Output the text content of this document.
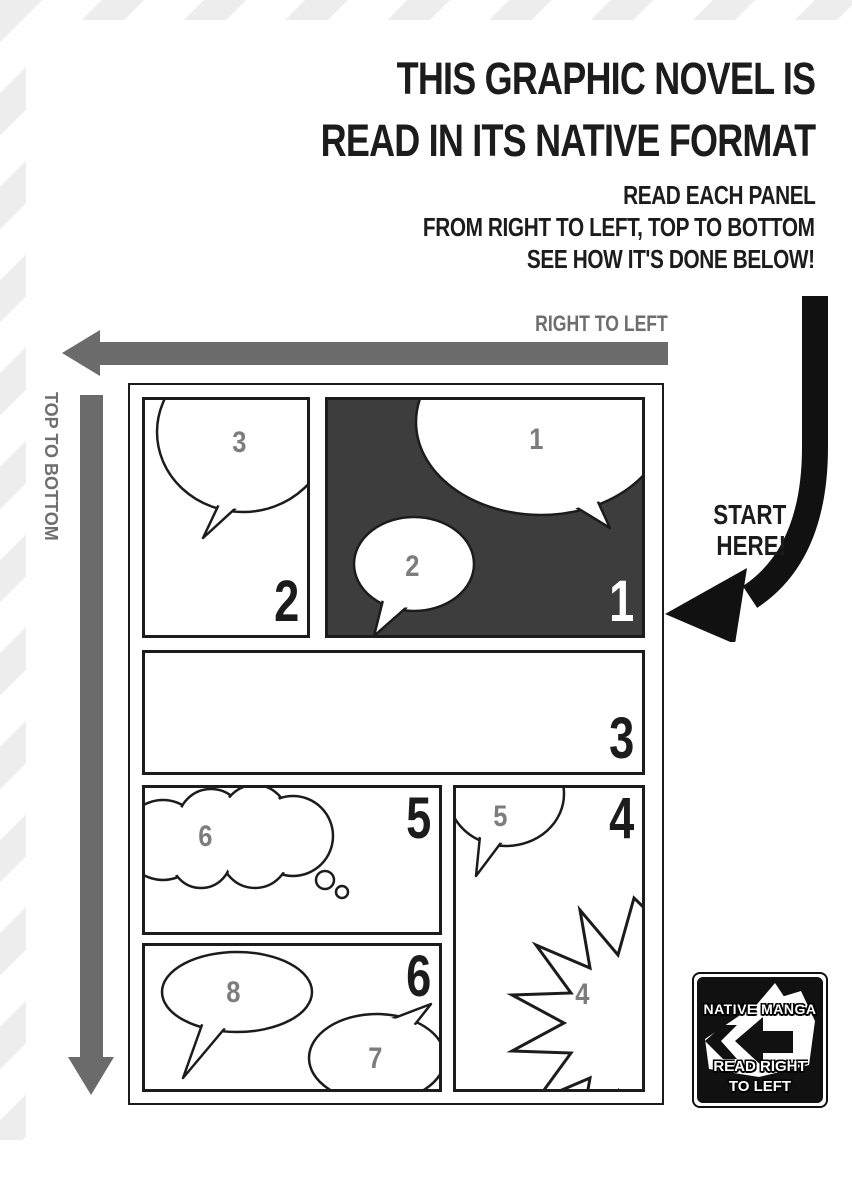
THIS GRAPHIC NOVEL IS
READ IN ITS NATIVE FORMAT
READ EACH PANEL
FROM RIGHT TO LEFT, TOP TO BOTTOM
SEE HOW IT'S DONE BELOW!
RIGHT TO LEFT
TOP TO BOTTOM	START
HERE!
1
2
1
3
2
3
6	5 5
4
4
8
7
6	NATIVE MANGA
READ RIGHT
TO LEFT
